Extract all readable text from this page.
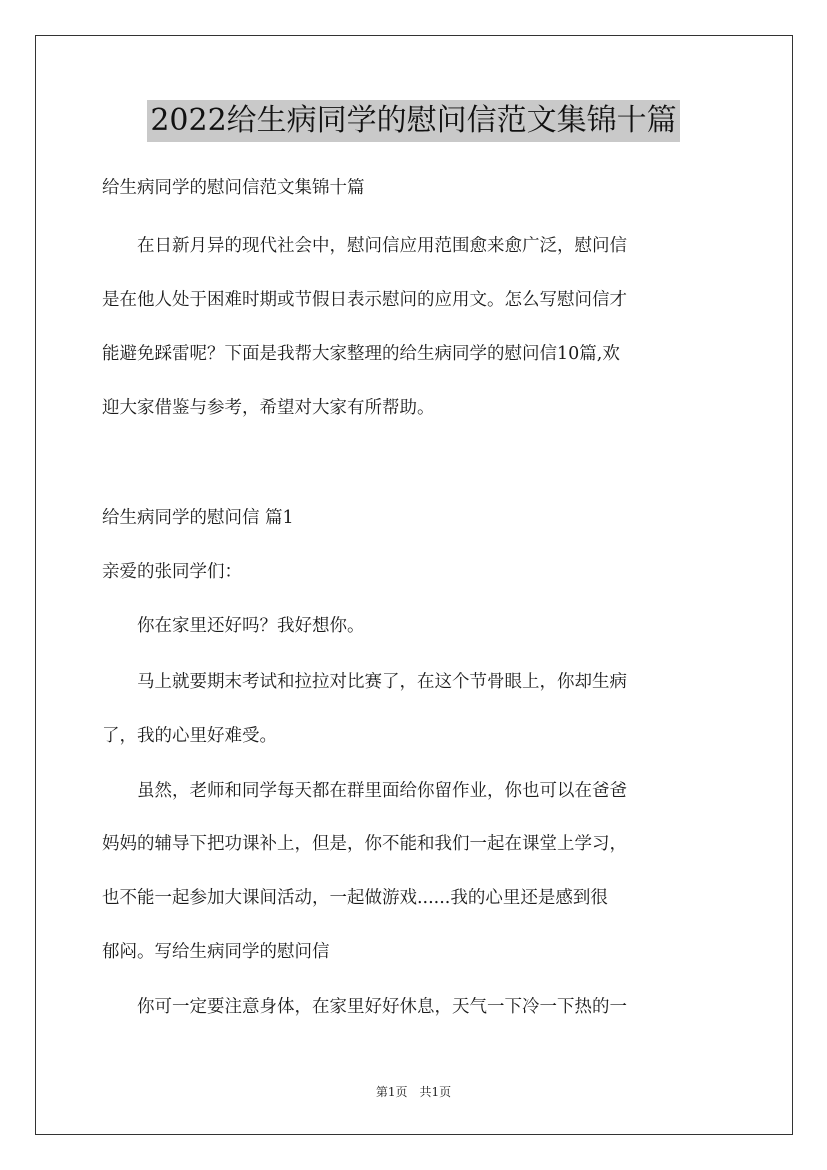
2022给生病同学的慰问信范文集锦十篇
给生病同学的慰问信范文集锦十篇
　　在日新月异的现代社会中，慰问信应用范围愈来愈广泛，慰问信
是在他人处于困难时期或节假日表示慰问的应用文。怎么写慰问信才
能避免踩雷呢？下面是我帮大家整理的给生病同学的慰问信10篇,欢
迎大家借鉴与参考，希望对大家有所帮助。
给生病同学的慰问信 篇1
亲爱的张同学们：
　　你在家里还好吗？我好想你。
　　马上就要期末考试和拉拉对比赛了，在这个节骨眼上，你却生病
了，我的心里好难受。
　　虽然，老师和同学每天都在群里面给你留作业，你也可以在爸爸
妈妈的辅导下把功课补上，但是，你不能和我们一起在课堂上学习，
也不能一起参加大课间活动，一起做游戏......我的心里还是感到很
郁闷。写给生病同学的慰问信
　　你可一定要注意身体，在家里好好休息，天气一下冷一下热的一
第1页　共1页
